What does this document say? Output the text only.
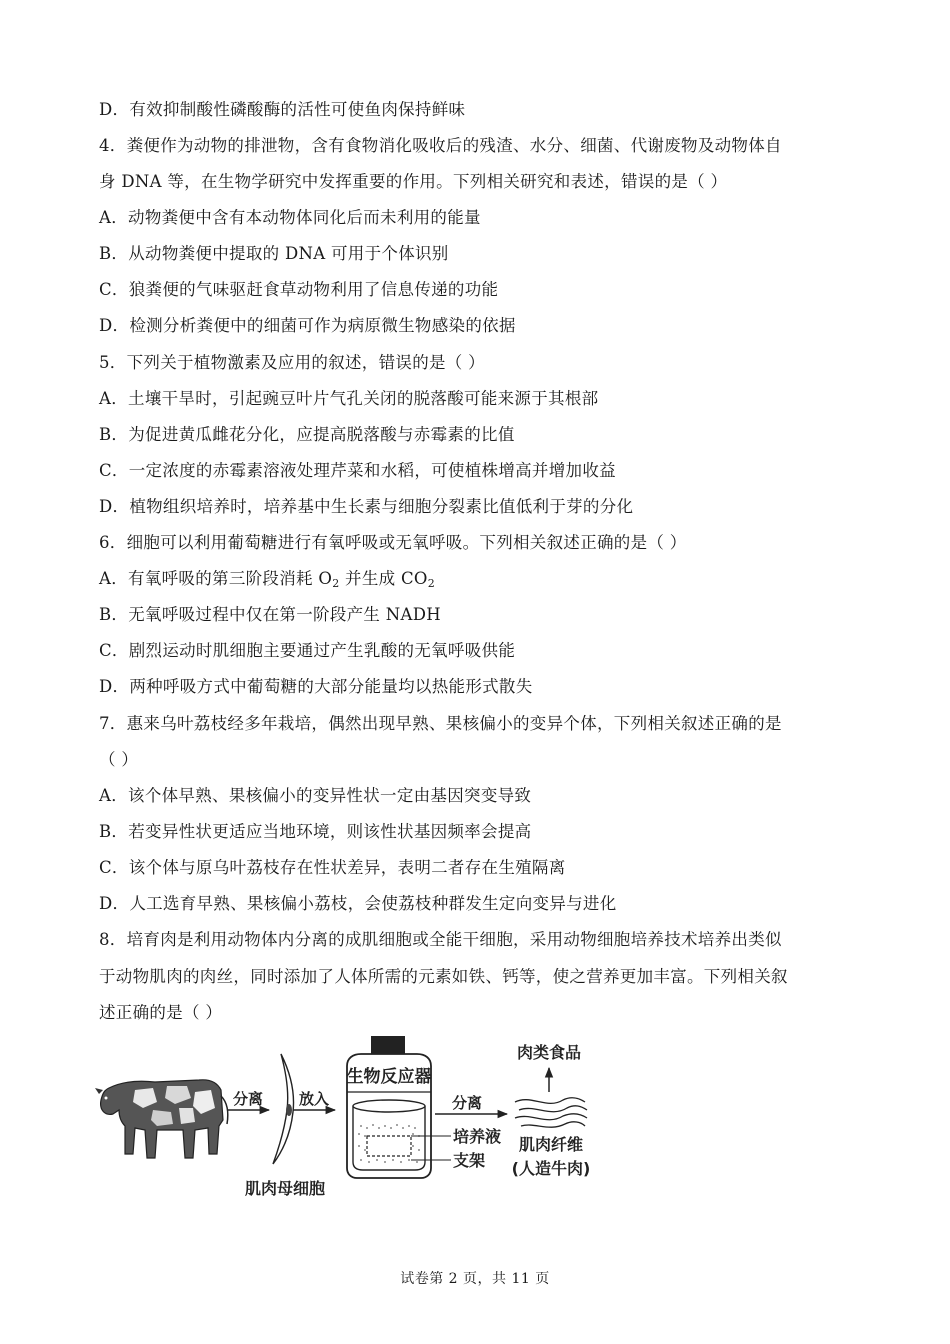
D．有效抑制酸性磷酸酶的活性可使鱼肉保持鲜味
4．粪便作为动物的排泄物，含有食物消化吸收后的残渣、水分、细菌、代谢废物及动物体自
身 DNA 等，在生物学研究中发挥重要的作用。下列相关研究和表述，错误的是（ ）
A．动物粪便中含有本动物体同化后而未利用的能量
B．从动物粪便中提取的 DNA 可用于个体识别
C．狼粪便的气味驱赶食草动物利用了信息传递的功能
D．检测分析粪便中的细菌可作为病原微生物感染的依据
5．下列关于植物激素及应用的叙述，错误的是（ ）
A．土壤干旱时，引起豌豆叶片气孔关闭的脱落酸可能来源于其根部
B．为促进黄瓜雌花分化，应提高脱落酸与赤霉素的比值
C．一定浓度的赤霉素溶液处理芹菜和水稻，可使植株增高并增加收益
D．植物组织培养时，培养基中生长素与细胞分裂素比值低利于芽的分化
6．细胞可以利用葡萄糖进行有氧呼吸或无氧呼吸。下列相关叙述正确的是（ ）
A．有氧呼吸的第三阶段消耗 $O_2$ 并生成 $CO_2$
B．无氧呼吸过程中仅在第一阶段产生 NADH
C．剧烈运动时肌细胞主要通过产生乳酸的无氧呼吸供能
D．两种呼吸方式中葡萄糖的大部分能量均以热能形式散失
7．惠来乌叶荔枝经多年栽培，偶然出现早熟、果核偏小的变异个体，下列相关叙述正确的是
（ ）
A．该个体早熟、果核偏小的变异性状一定由基因突变导致
B．若变异性状更适应当地环境，则该性状基因频率会提高
C．该个体与原乌叶荔枝存在性状差异，表明二者存在生殖隔离
D．人工选育早熟、果核偏小荔枝，会使荔枝种群发生定向变异与进化
8．培育肉是利用动物体内分离的成肌细胞或全能干细胞，采用动物细胞培养技术培养出类似
于动物肌肉的肉丝，同时添加了人体所需的元素如铁、钙等，使之营养更加丰富。下列相关叙
述正确的是（ ）
分离
肌肉母细胞
放入
生物反应器
培养液
支架
分离
肉类食品
肌肉纤维
(人造牛肉)
试卷第 2 页，共 11 页
